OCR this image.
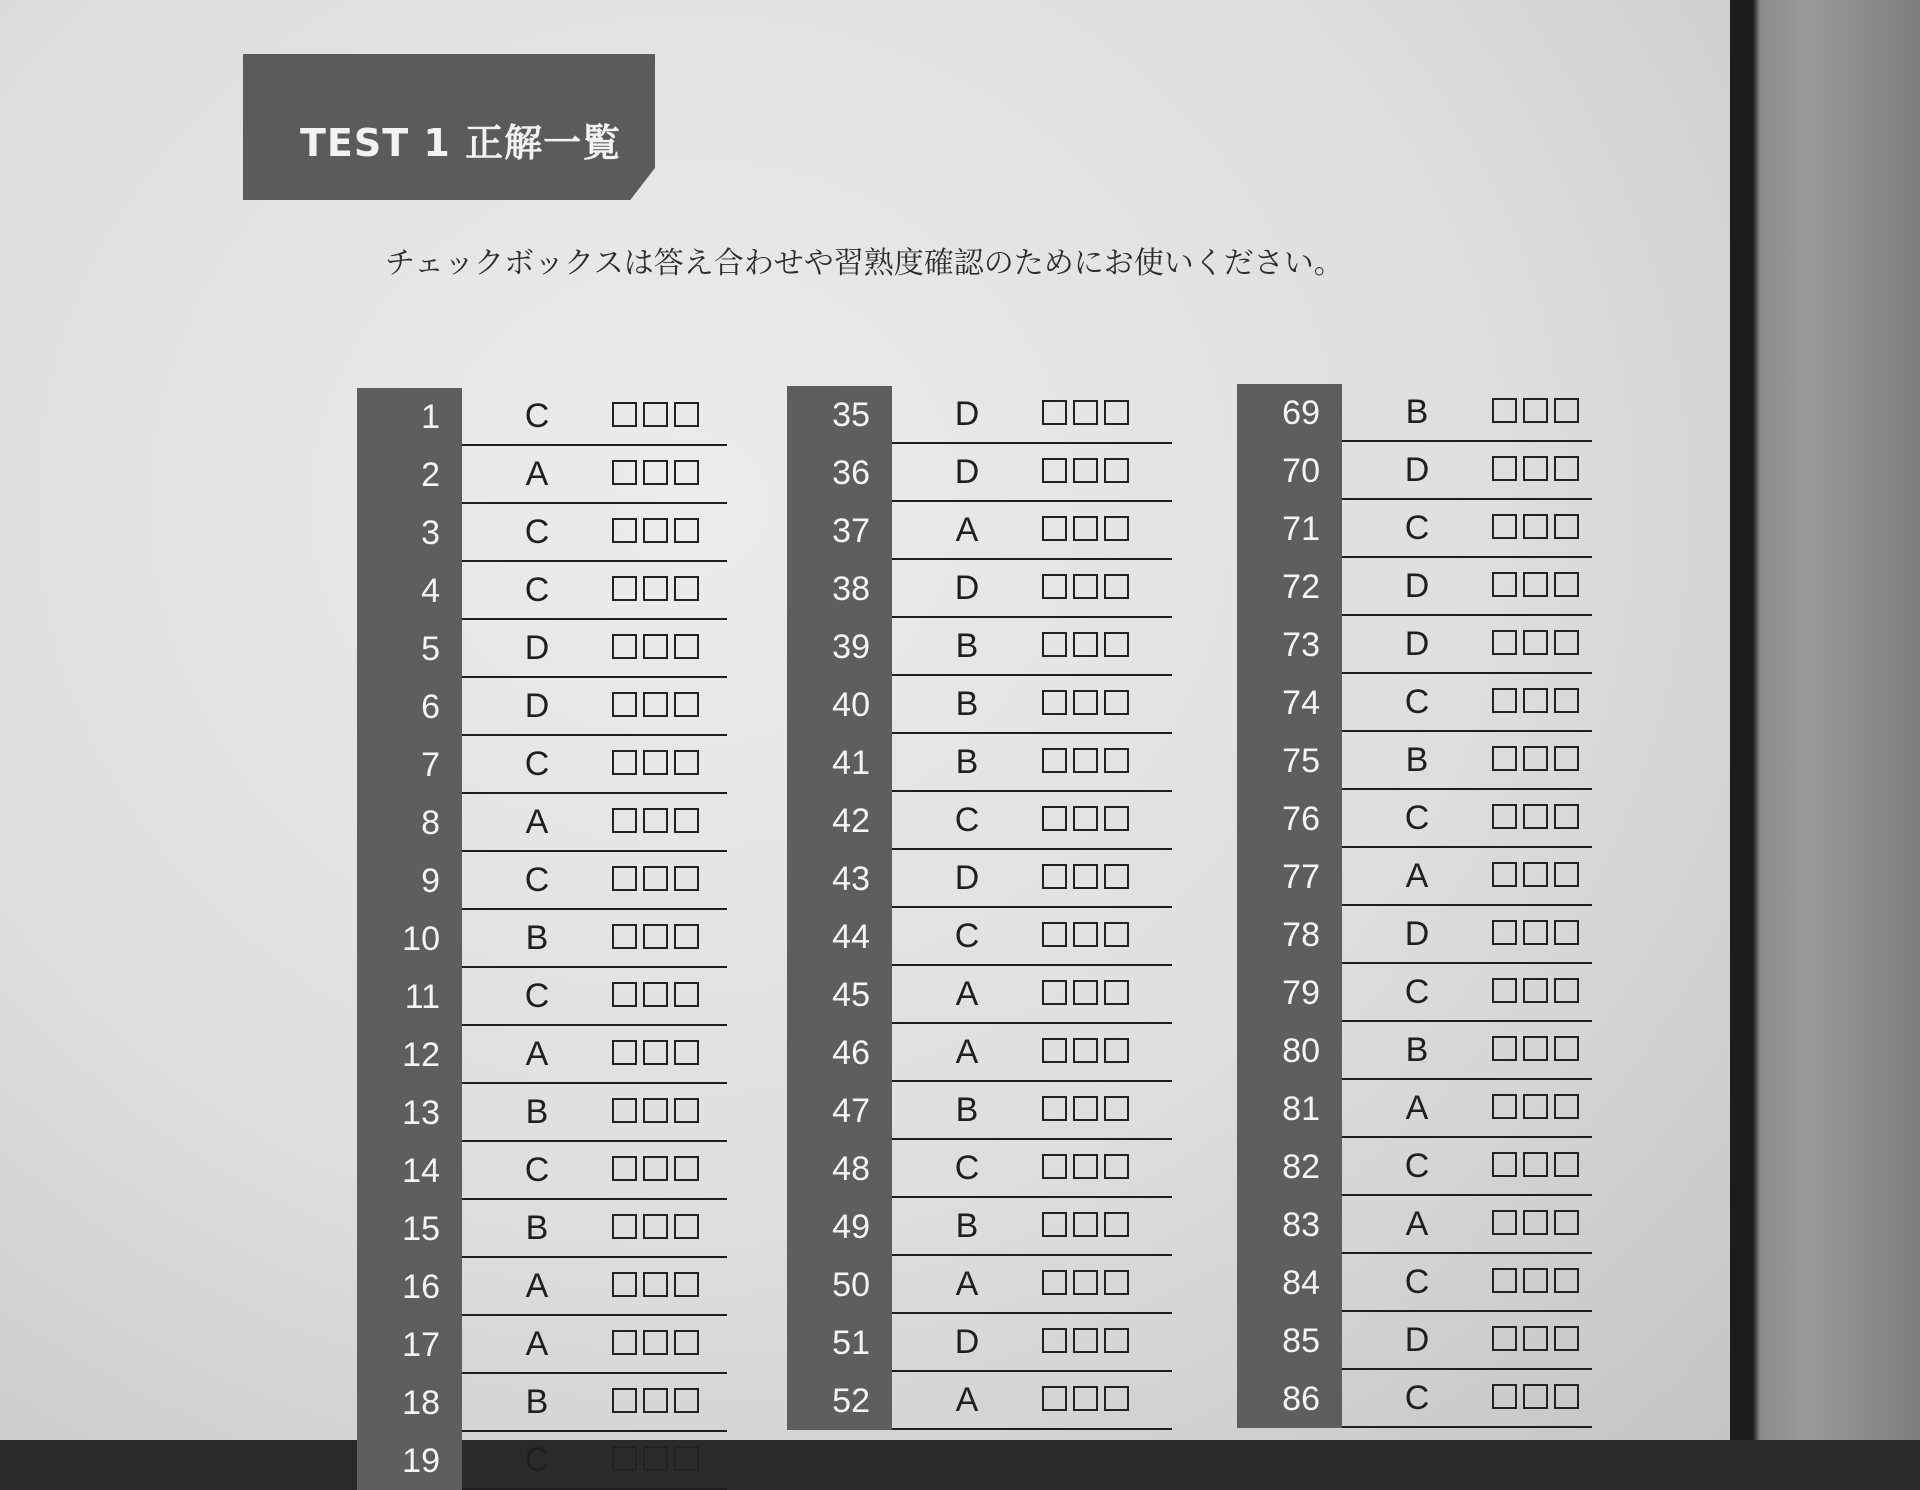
TEST 1 正解一覧
チェックボックスは答え合わせや習熟度確認のためにお使いください。
1	C
2	A
3	C
4	C
5	D
6	D
7	C
8	A
9	C
10	B
11	C
12	A
13	B
14	C
15	B
16	A
17	A
18	B
19	C
35	D
36	D
37	A
38	D
39	B
40	B
41	B
42	C
43	D
44	C
45	A
46	A
47	B
48	C
49	B
50	A
51	D
52	A
69	B
70	D
71	C
72	D
73	D
74	C
75	B
76	C
77	A
78	D
79	C
80	B
81	A
82	C
83	A
84	C
85	D
86	C
